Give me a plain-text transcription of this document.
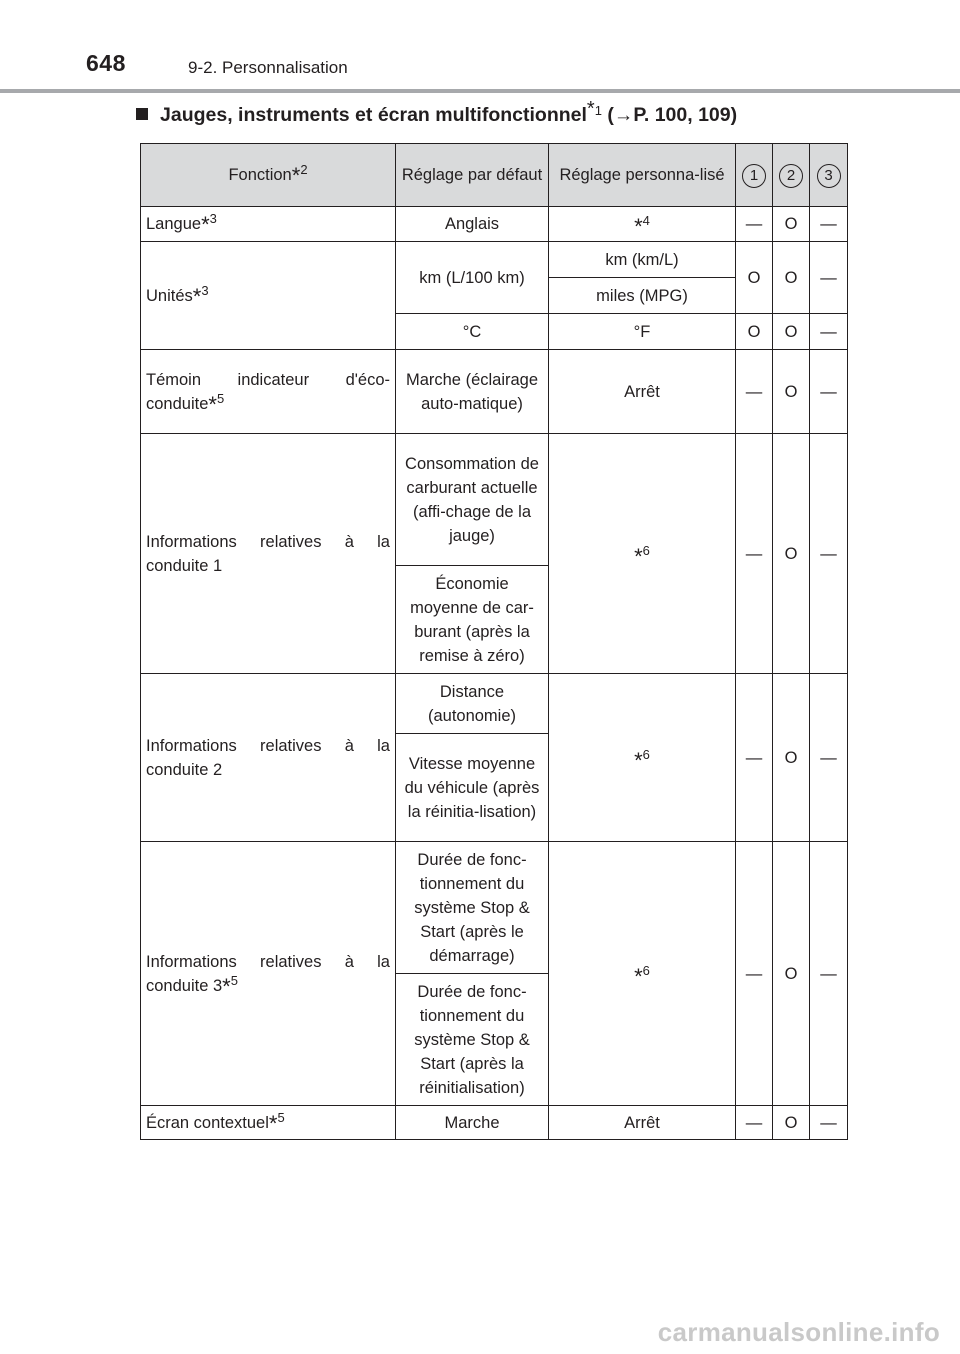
648	9-2. Personnalisation
Jauges, instruments et écran multifonctionnel$^{*1}$ (→P. 100, 109)
Fonction*$^2$	Réglage par défaut	Réglage personna-lisé	1	2	3
Langue*$^3$	Anglais	*$^4$	—	O	—
Unités*$^3$	km (L/100 km)	km (km/L)	O	O	—
		miles (MPG)			
	°C	°F	O	O	—
Témoin indicateur d'éco-conduite*$^5$	Marche (éclairage auto-matique)	Arrêt	—	O	—
Informations relatives à la conduite 1	Consommation de carburant actuelle (affi-chage de la jauge)	*$^6$	—	O	—
	Économie moyenne de car-burant (après la remise à zéro)				
Informations relatives à la conduite 2	Distance (autonomie)	*$^6$	—	O	—
	Vitesse moyenne du véhicule (après la réinitia-lisation)				
Informations relatives à la conduite 3*$^5$	Durée de fonc-tionnement du système Stop & Start (après le démarrage)	*$^6$	—	O	—
	Durée de fonc-tionnement du système Stop & Start (après la réinitialisation)				
Écran contextuel*$^5$	Marche	Arrêt	—	O	—
carmanualsonline.info
